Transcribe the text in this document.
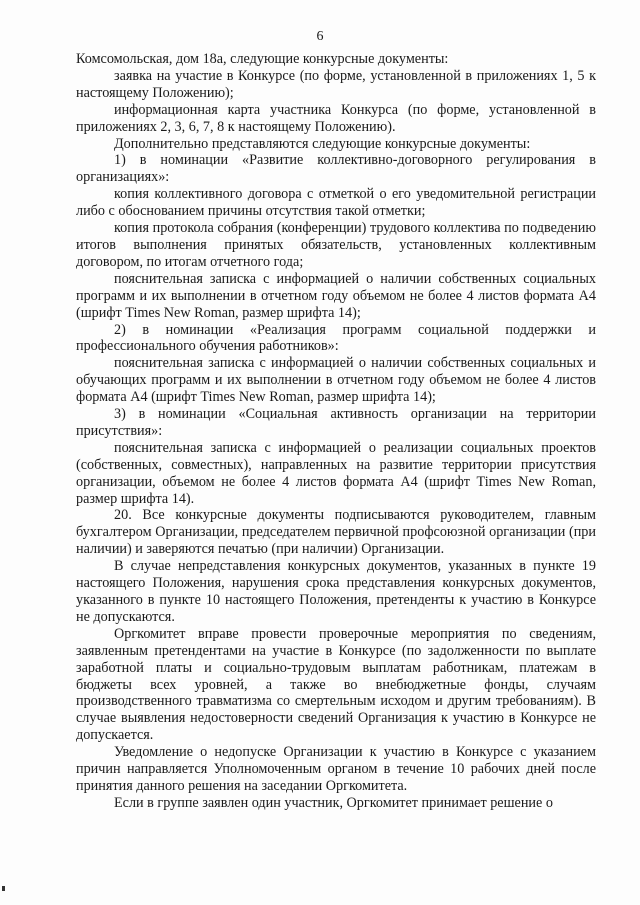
6

Комсомольская, дом 18а, следующие конкурсные документы:

заявка на участие в Конкурсе (по форме, установленной в приложениях 1, 5 к настоящему Положению);

информационная карта участника Конкурса (по форме, установленной в приложениях 2, 3, 6, 7, 8 к настоящему Положению).

Дополнительно представляются следующие конкурсные документы:

1) в номинации «Развитие коллективно-договорного регулирования в организациях»:

копия коллективного договора с отметкой о его уведомительной регистрации либо с обоснованием причины отсутствия такой отметки;

копия протокола собрания (конференции) трудового коллектива по подведению итогов выполнения принятых обязательств, установленных коллективным договором, по итогам отчетного года;

пояснительная записка с информацией о наличии собственных социальных программ и их выполнении в отчетном году объемом не более 4 листов формата А4 (шрифт Times New Roman, размер шрифта 14);

2) в номинации «Реализация программ социальной поддержки и профессионального обучения работников»:

пояснительная записка с информацией о наличии собственных социальных и обучающих программ и их выполнении в отчетном году объемом не более 4 листов формата А4 (шрифт Times New Roman, размер шрифта 14);

3) в номинации «Социальная активность организации на территории присутствия»:

пояснительная записка с информацией о реализации социальных проектов (собственных, совместных), направленных на развитие территории присутствия организации, объемом не более 4 листов формата А4 (шрифт Times New Roman, размер шрифта 14).

20. Все конкурсные документы подписываются руководителем, главным бухгалтером Организации, председателем первичной профсоюзной организации (при наличии) и заверяются печатью (при наличии) Организации.

В случае непредставления конкурсных документов, указанных в пункте 19 настоящего Положения, нарушения срока представления конкурсных документов, указанного в пункте 10 настоящего Положения, претенденты к участию в Конкурсе не допускаются.

Оргкомитет вправе провести проверочные мероприятия по сведениям, заявленным претендентами на участие в Конкурсе (по задолженности по выплате заработной платы и социально-трудовым выплатам работникам, платежам в бюджеты всех уровней, а также во внебюджетные фонды, случаям производственного травматизма со смертельным исходом и другим требованиям). В случае выявления недостоверности сведений Организация к участию в Конкурсе не допускается.

Уведомление о недопуске Организации к участию в Конкурсе с указанием причин направляется Уполномоченным органом в течение 10 рабочих дней после принятия данного решения на заседании Оргкомитета.

Если в группе заявлен один участник, Оргкомитет принимает решение о
